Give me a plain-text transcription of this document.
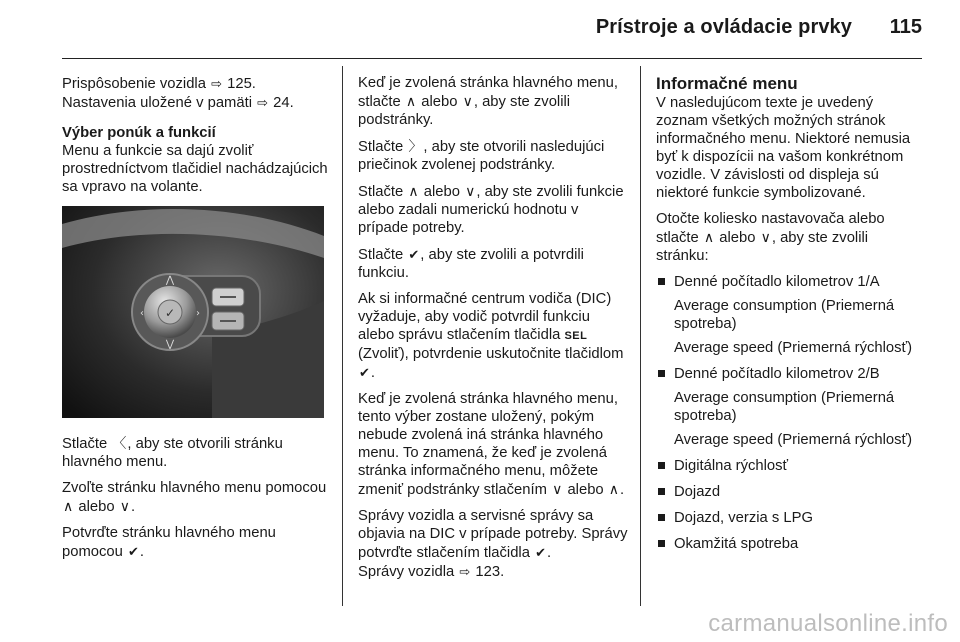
Prístroje a ovládacie prvky 115

Prispôsobenie vozidla ⇨ 125.
Nastavenia uložené v pamäti ⇨ 24.

Výber ponúk a funkcií
Menu a funkcie sa dajú zvoliť prostredníctvom tlačidiel nachádzajúcich sa vpravo na volante.

✓
⋀
⋁
‹	›

Stlačte 〈 , aby ste otvorili stránku hlavného menu.

Zvoľte stránku hlavného menu pomocou ∧ alebo ∨ .

Potvrďte stránku hlavného menu pomocou ✔ .

Keď je zvolená stránka hlavného menu, stlačte ∧ alebo ∨ , aby ste zvolili podstránky.

Stlačte 〉 , aby ste otvorili nasledujúci priečinok zvolenej podstránky.

Stlačte ∧ alebo ∨ , aby ste zvolili funkcie alebo zadali numerickú hodnotu v prípade potreby.

Stlačte ✔ , aby ste zvolili a potvrdili funkciu.

Ak si informačné centrum vodiča (DIC) vyžaduje, aby vodič potvrdil funkciu alebo správu stlačením tlačidla SEL (Zvoliť), potvrdenie uskutočnite tlačidlom ✔.

Keď je zvolená stránka hlavného menu, tento výber zostane uložený, pokým nebude zvolená iná stránka hlavného menu. To znamená, že keď je zvolená stránka informačného menu, môžete zmeniť podstránky stlačením ∨ alebo ∧ .

Správy vozidla a servisné správy sa objavia na DIC v prípade potreby. Správy potvrďte stlačením tlačidla ✔ .
Správy vozidla ⇨ 123.

Informačné menu
V nasledujúcom texte je uvedený zoznam všetkých možných stránok informačného menu. Niektoré nemusia byť k dispozícii na vašom konkrétnom vozidle. V závislosti od displeja sú niektoré funkcie symbolizované.

Otočte koliesko nastavovača alebo stlačte ∧ alebo ∨ , aby ste zvolili stránku:

Denné počítadlo kilometrov 1/A
Average consumption (Priemerná spotreba)
Average speed (Priemerná rýchlosť)
Denné počítadlo kilometrov 2/B
Average consumption (Priemerná spotreba)
Average speed (Priemerná rýchlosť)
Digitálna rýchlosť
Dojazd
Dojazd, verzia s LPG
Okamžitá spotreba
carmanualsonline.info
